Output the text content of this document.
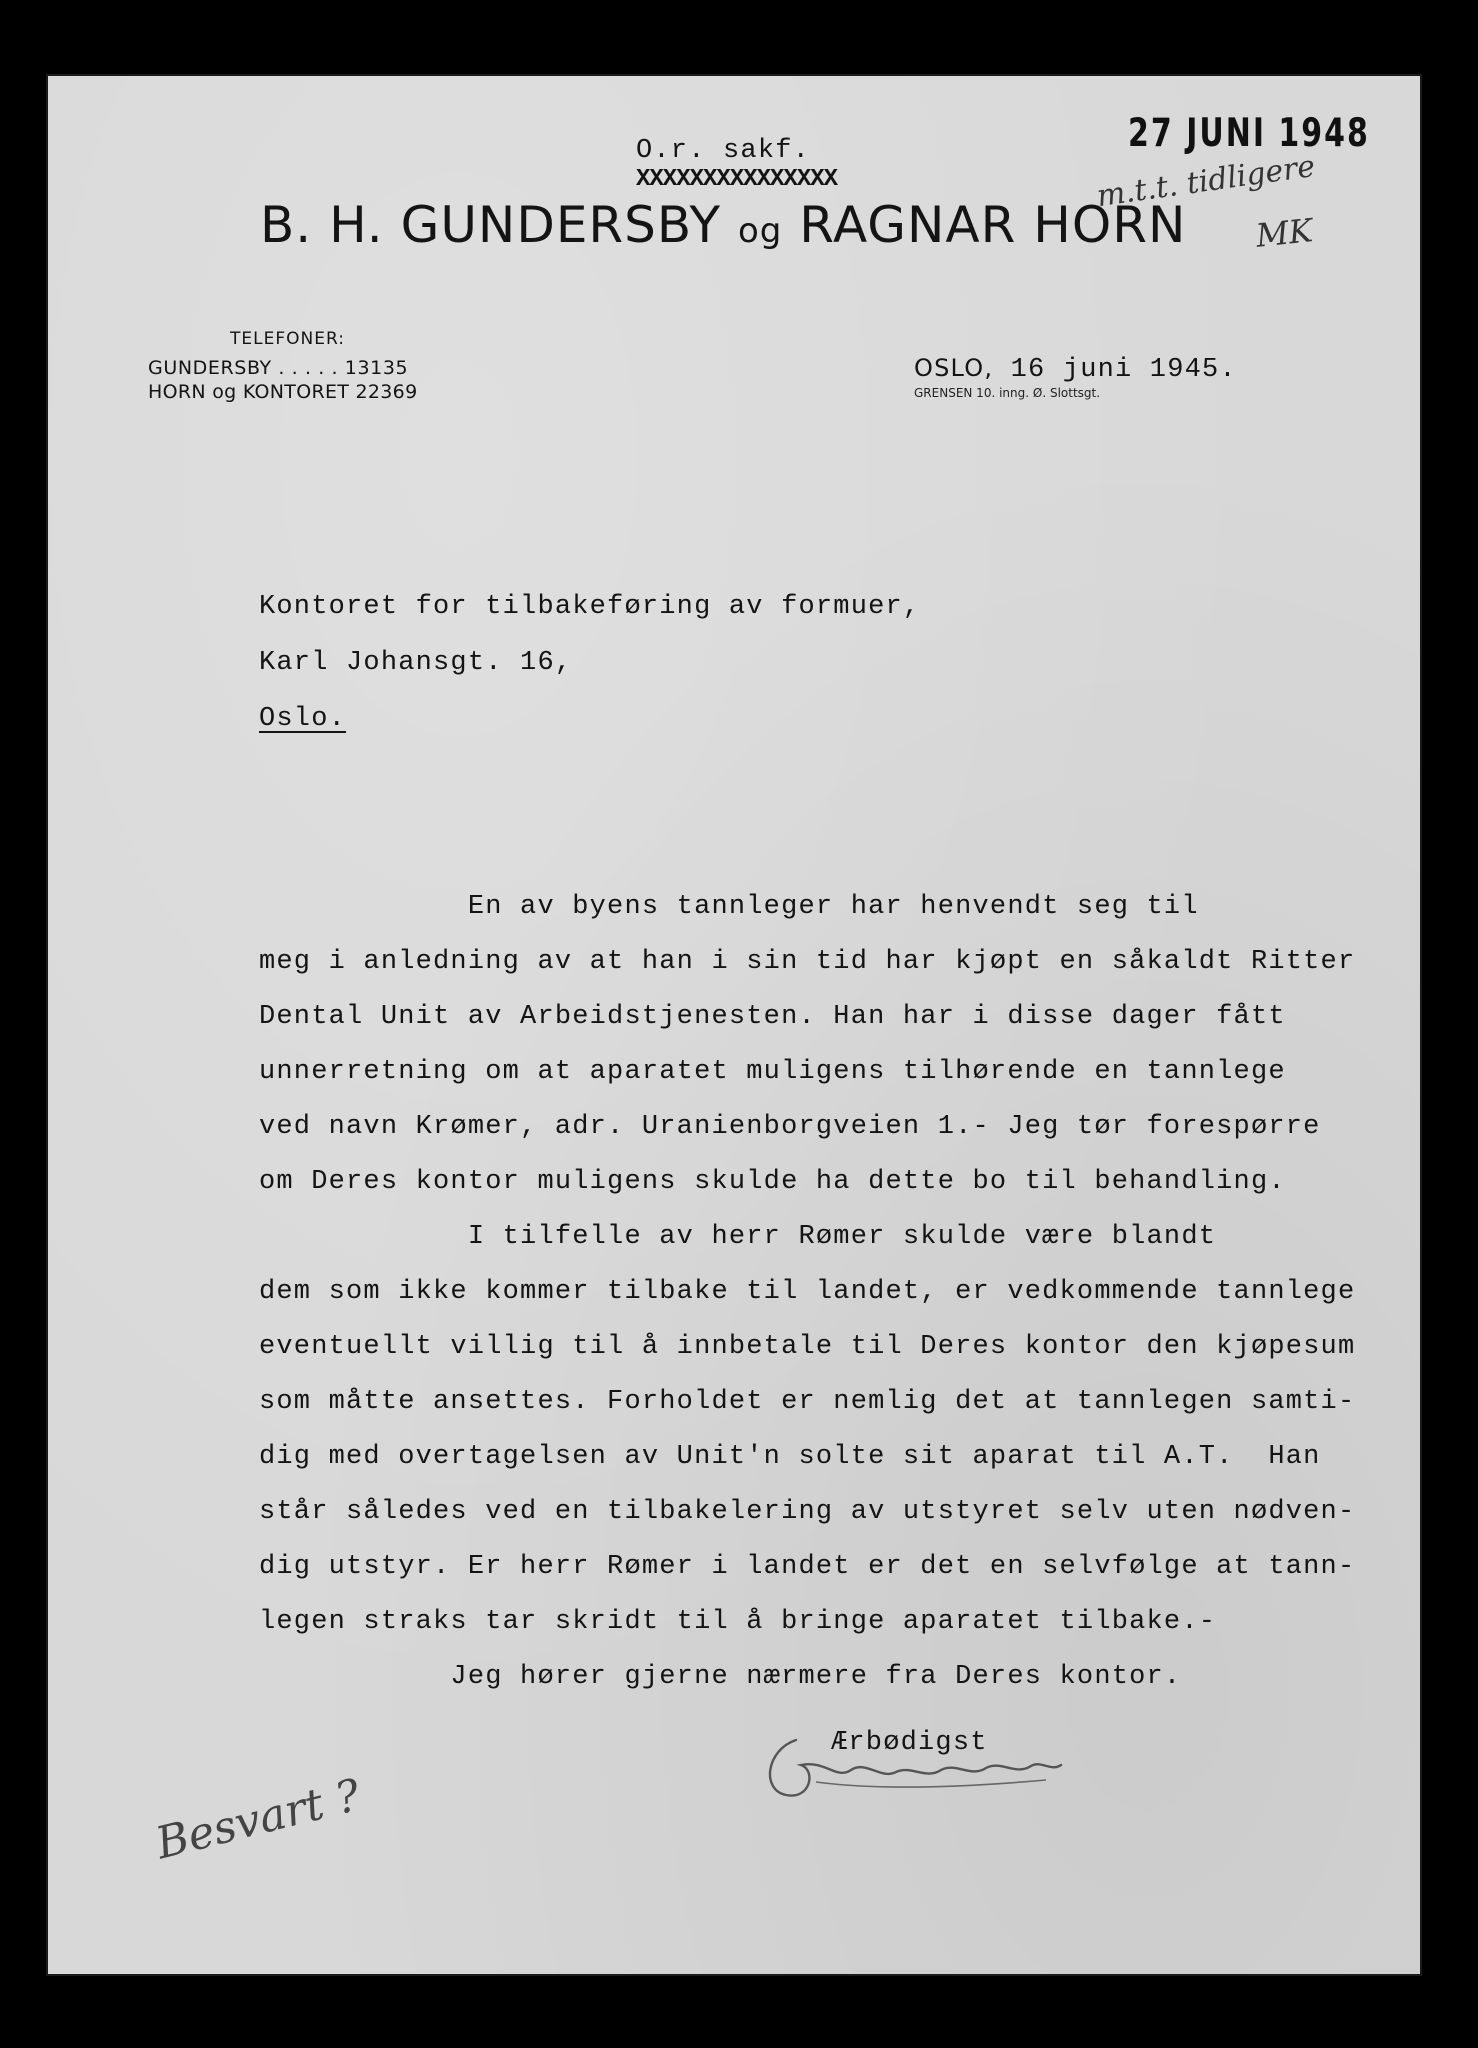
O.r. sakf.
XXXXXXXXXXXXXXX
B. H. GUNDERSBY og RAGNAR HORN
27 JUNI 1948
m.t.t. tidligere
MK
TELEFONER:
GUNDERSBY . . . . . 13135
HORN og KONTORET 22369
OSLO, 16 juni 1945.
GRENSEN 10. inng. Ø. Slottsgt.
Kontoret for tilbakeføring av formuer,
Karl Johansgt. 16,
Oslo.
En av byens tannleger har henvendt seg til
meg i anledning av at han i sin tid har kjøpt en såkaldt Ritter
Dental Unit av Arbeidstjenesten. Han har i disse dager fått
unnerretning om at aparatet muligens tilhørende en tannlege
ved navn Krømer, adr. Uranienborgveien 1.- Jeg tør forespørre
om Deres kontor muligens skulde ha dette bo til behandling.
I tilfelle av herr Rømer skulde være blandt
dem som ikke kommer tilbake til landet, er vedkommende tannlege
eventuellt villig til å innbetale til Deres kontor den kjøpesum
som måtte ansettes. Forholdet er nemlig det at tannlegen samti-
dig med overtagelsen av Unit'n solte sit aparat til A.T.  Han
står således ved en tilbakelering av utstyret selv uten nødven-
dig utstyr. Er herr Rømer i landet er det en selvfølge at tann-
legen straks tar skridt til å bringe aparatet tilbake.-
Jeg hører gjerne nærmere fra Deres kontor.
Ærbødigst
Besvart ?
